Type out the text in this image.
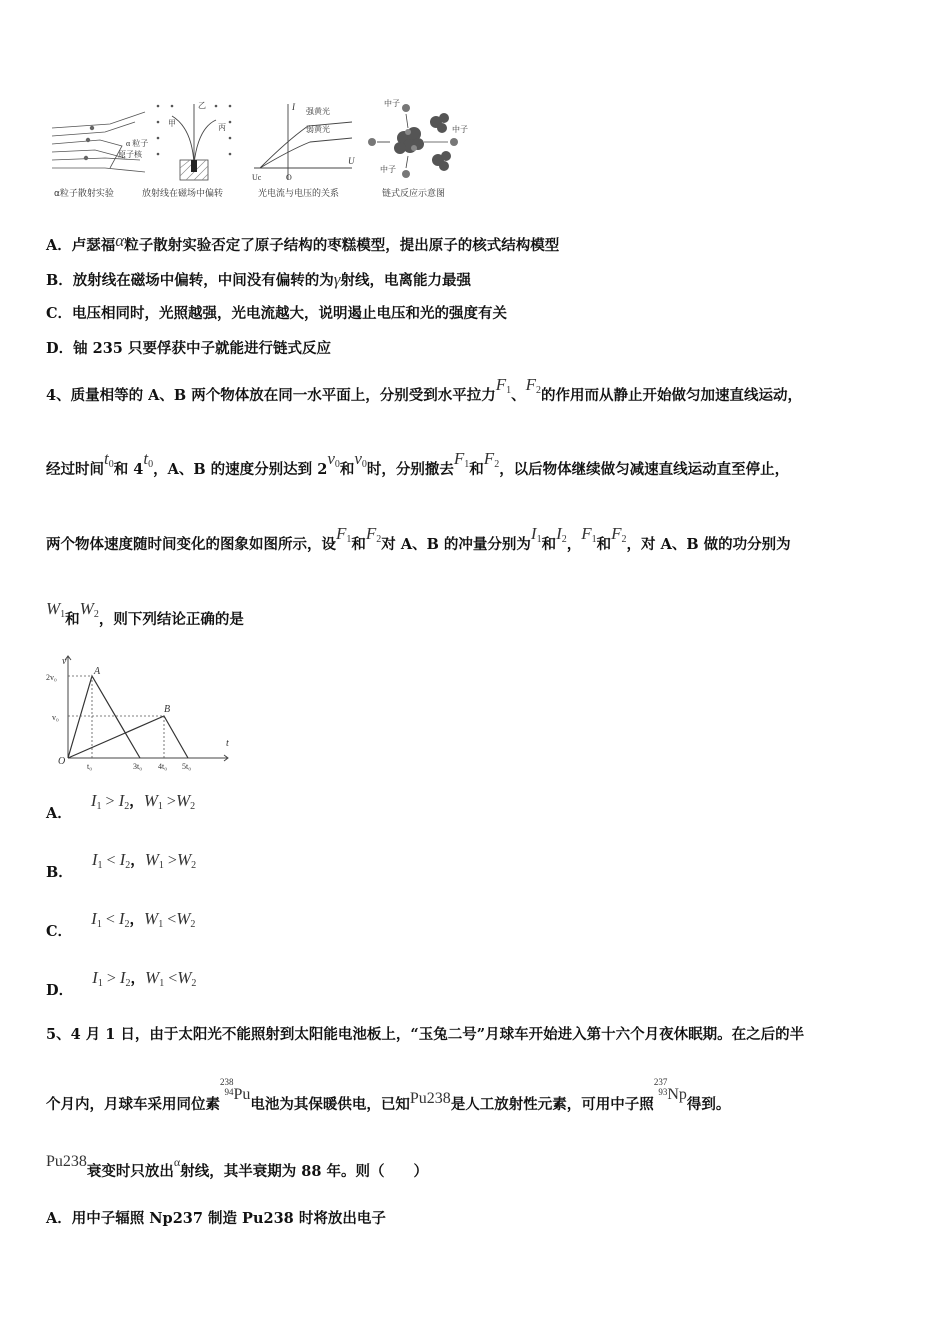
α 粒子
原子核
α粒子散射实验
甲
乙
丙
放射线在磁场中偏转
I
U
O
Uc
强黄光
弱黄光
光电流与电压的关系
中子
中子
中子
链式反应示意图
A．卢瑟福α粒子散射实验否定了原子结构的枣糕模型，提出原子的核式结构模型
B．放射线在磁场中偏转，中间没有偏转的为γ射线，电离能力最强
C．电压相同时，光照越强，光电流越大，说明遏止电压和光的强度有关
D．铀 235 只要俘获中子就能进行链式反应
4、质量相等的 A、B 两个物体放在同一水平面上，分别受到水平拉力$F_1$、$F_2$的作用而从静止开始做匀加速直线运动，
经过时间$t_0$和 $4t_0$，A、B 的速度分别达到 $2v_0$和$v_0$时，分别撤去$F_1$和$F_2$，以后物体继续做匀减速直线运动直至停止，
两个物体速度随时间变化的图象如图所示，设$F_1$和$F_2$对 A、B 的冲量分别为$I_1$和$I_2$，$F_1$和$F_2$，对 A、B 做的功分别为
$W_1$和$W_2$，则下列结论正确的是
v
t
O
2v₀
v₀
t₀	3t₀ 4t₀ 5t₀
A
B
A． $I_1 > I_2$，$W_1 >W_2$
B． $I_1 < I_2$，$W_1 >W_2$
C． $I_1 < I_2$，$W_1 <W_2$
D． $I_1 > I_2$，$W_1 <W_2$
5、4 月 1 日，由于太阳光不能照射到太阳能电池板上，“玉兔二号”月球车开始进入第十六个月夜休眠期。在之后的半
个月内，月球车采用同位素238
94Pu电池为其保暖供电，已知Pu238是人工放射性元素，可用中子照237
93Np得到。
Pu238衰变时只放出$^\alpha$射线，其半衰期为 88 年。则（　　）
A．用中子辐照 Np237 制造 Pu238 时将放出电子
